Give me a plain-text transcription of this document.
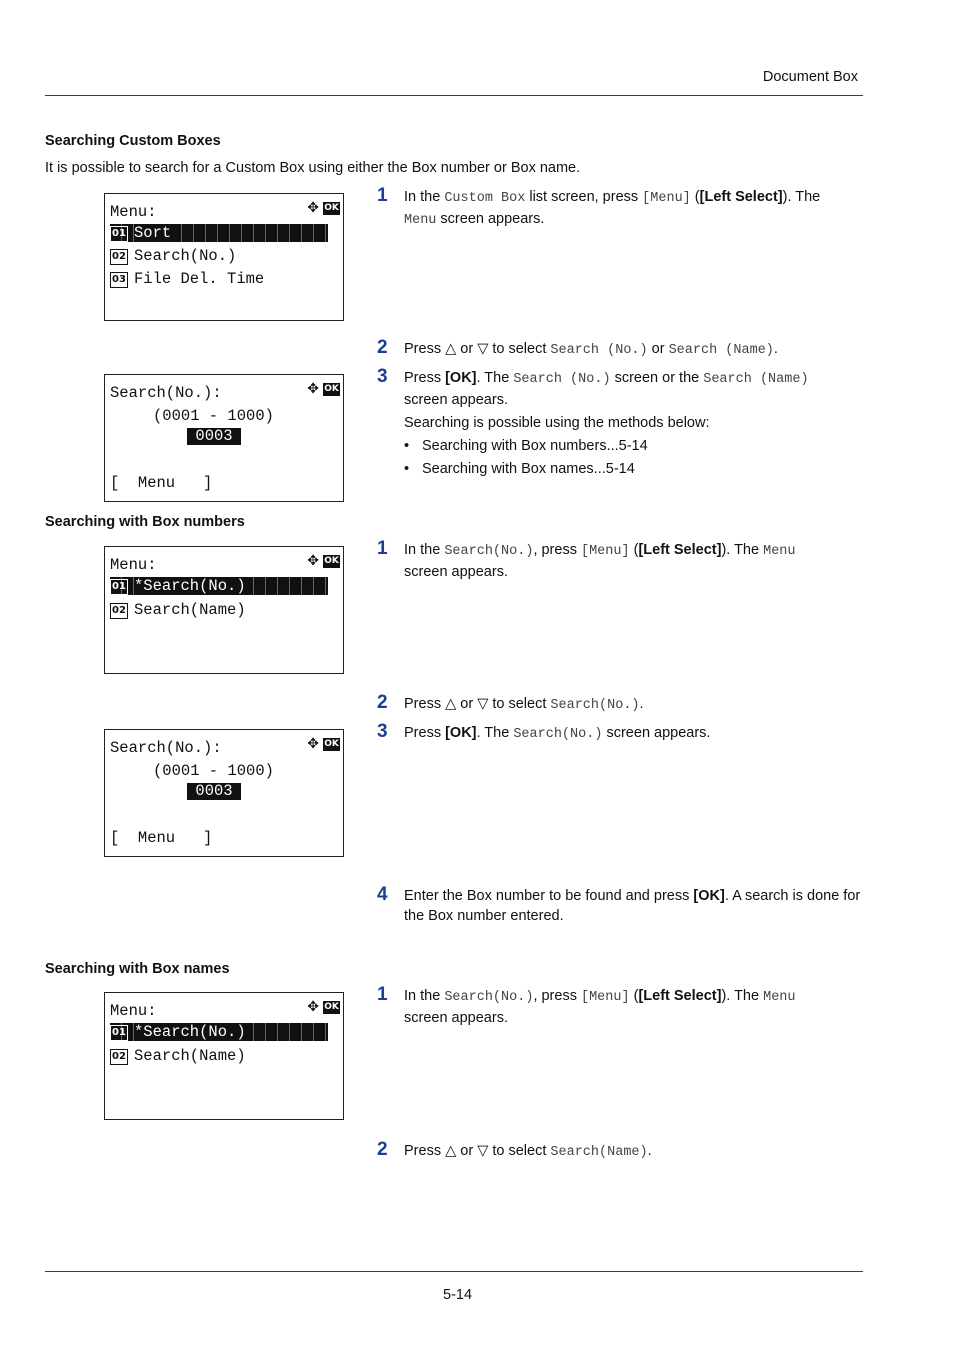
Document Box
Searching Custom Boxes
It is possible to search for a Custom Box using either the Box number or Box name.
Menu:	✥ OK
01 Sort
02 Search(No.)
03 File Del. Time
1 In the Custom Box list screen, press [Menu] ([Left Select]). The
Menu screen appears.
2 Press △ or ▽ to select Search (No.) or Search (Name).
3 Press [OK]. The Search (No.) screen or the Search (Name)
screen appears.
Searching is possible using the methods below:
• Searching with Box numbers...5-14
• Searching with Box names...5-14
Search(No.):	✥ OK
(0001 - 1000)
0003
[  Menu   ]
Searching with Box numbers
Menu:	✥ OK
01 *Search(No.)
02 Search(Name)
1 In the Search(No.), press [Menu] ([Left Select]). The Menu
screen appears.
2 Press △ or ▽ to select Search(No.).
3 Press [OK]. The Search(No.) screen appears.
Search(No.):	✥ OK
(0001 - 1000)
0003
[  Menu   ]
4 Enter the Box number to be found and press [OK]. A search is done for the Box number entered.
Searching with Box names
Menu:	✥ OK
01 *Search(No.)
02 Search(Name)
1 In the Search(No.), press [Menu] ([Left Select]). The Menu
screen appears.
2 Press △ or ▽ to select Search(Name).
5-14
